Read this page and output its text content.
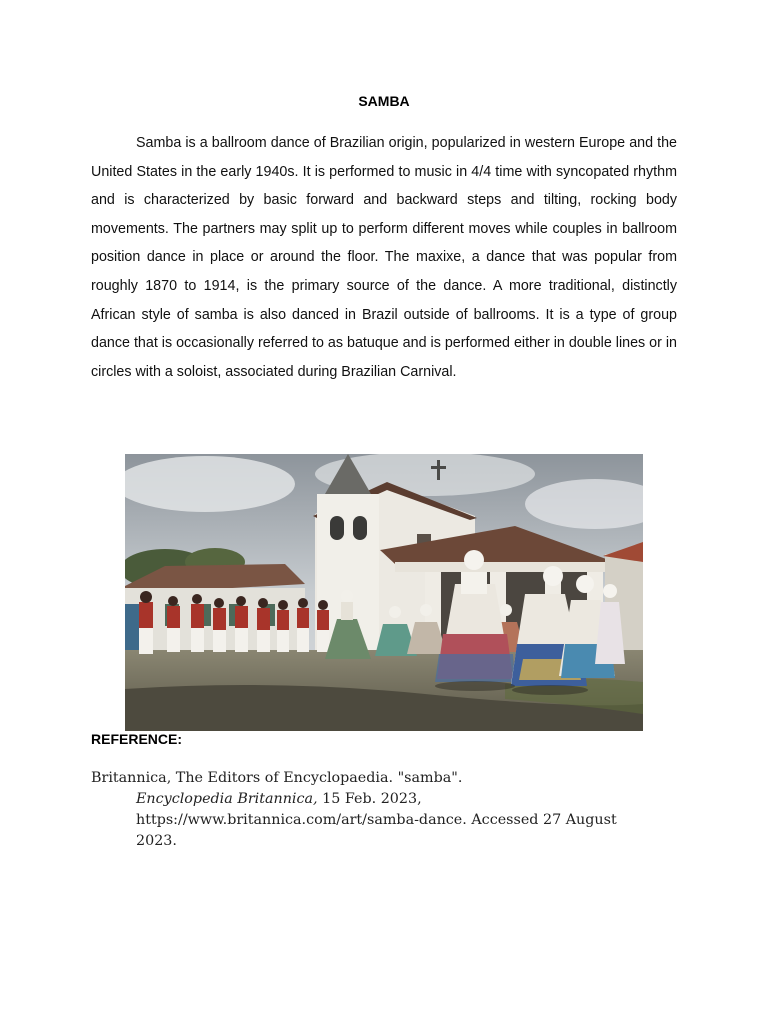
SAMBA

Samba is a ballroom dance of Brazilian origin, popularized in western Europe and the United States in the early 1940s. It is performed to music in 4/4 time with syncopated rhythm and is characterized by basic forward and backward steps and tilting, rocking body movements. The partners may split up to perform different moves while couples in ballroom position dance in place or around the floor. The maxixe, a dance that was popular from roughly 1870 to 1914, is the primary source of the dance. A more traditional, distinctly African style of samba is also danced in Brazil outside of ballrooms. It is a type of group dance that is occasionally referred to as batuque and is performed either in double lines or in circles with a soloist, associated during Brazilian Carnival.

REFERENCE:
Britannica, The Editors of Encyclopaedia. "samba".
Encyclopedia Britannica, 15 Feb. 2023, https://www.britannica.com/art/samba-dance. Accessed 27 August 2023.
